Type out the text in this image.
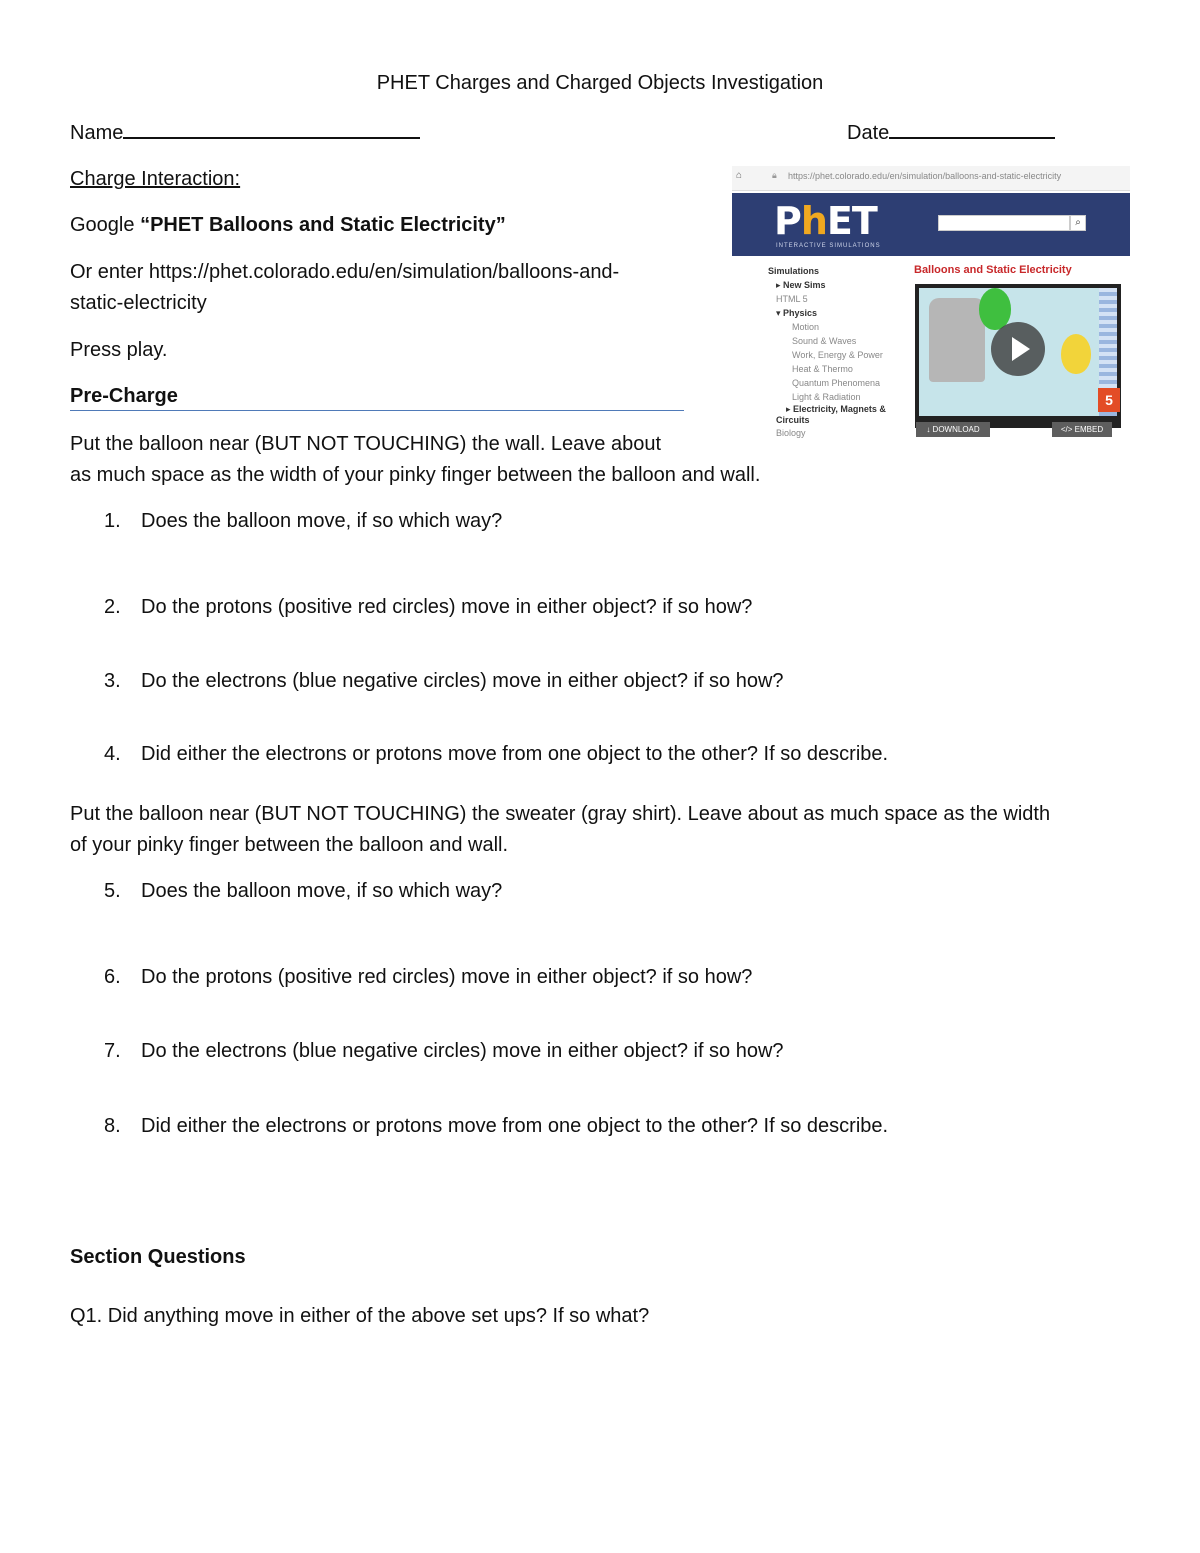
PHET Charges and Charged Objects Investigation
Name	Date
Charge Interaction:
Google “PHET Balloons and Static Electricity”
Or enter https://phet.colorado.edu/en/simulation/balloons-and-
static-electricity
Press play.
Pre-Charge
Put the balloon near (BUT NOT TOUCHING) the wall. Leave about
as much space as the width of your pinky finger between the balloon and wall.
1. Does the balloon move, if so which way?
2. Do the protons (positive red circles) move in either object? if so how?
3. Do the electrons (blue negative circles) move in either object? if so how?
4. Did either the electrons or protons move from one object to the other? If so describe.
Put the balloon near (BUT NOT TOUCHING) the sweater (gray shirt). Leave about as much space as the width
of your pinky finger between the balloon and wall.
5. Does the balloon move, if so which way?
6. Do the protons (positive red circles) move in either object? if so how?
7. Do the electrons (blue negative circles) move in either object? if so how?
8. Did either the electrons or protons move from one object to the other? If so describe.
Section Questions
Q1. Did anything move in either of the above set ups? If so what?
⌂	🔒︎ https://phet.colorado.edu/en/simulation/balloons-and-static-electricity
PhET
INTERACTIVE SIMULATIONS
⌕
Simulations
▸ New Sims
HTML 5
▾ Physics
Motion
Sound & Waves
Work, Energy & Power
Heat & Thermo
Quantum Phenomena
Light & Radiation
▸ Electricity, Magnets &
Circuits
Biology
Balloons and Static Electricity
5
↓ DOWNLOAD	</> EMBED
